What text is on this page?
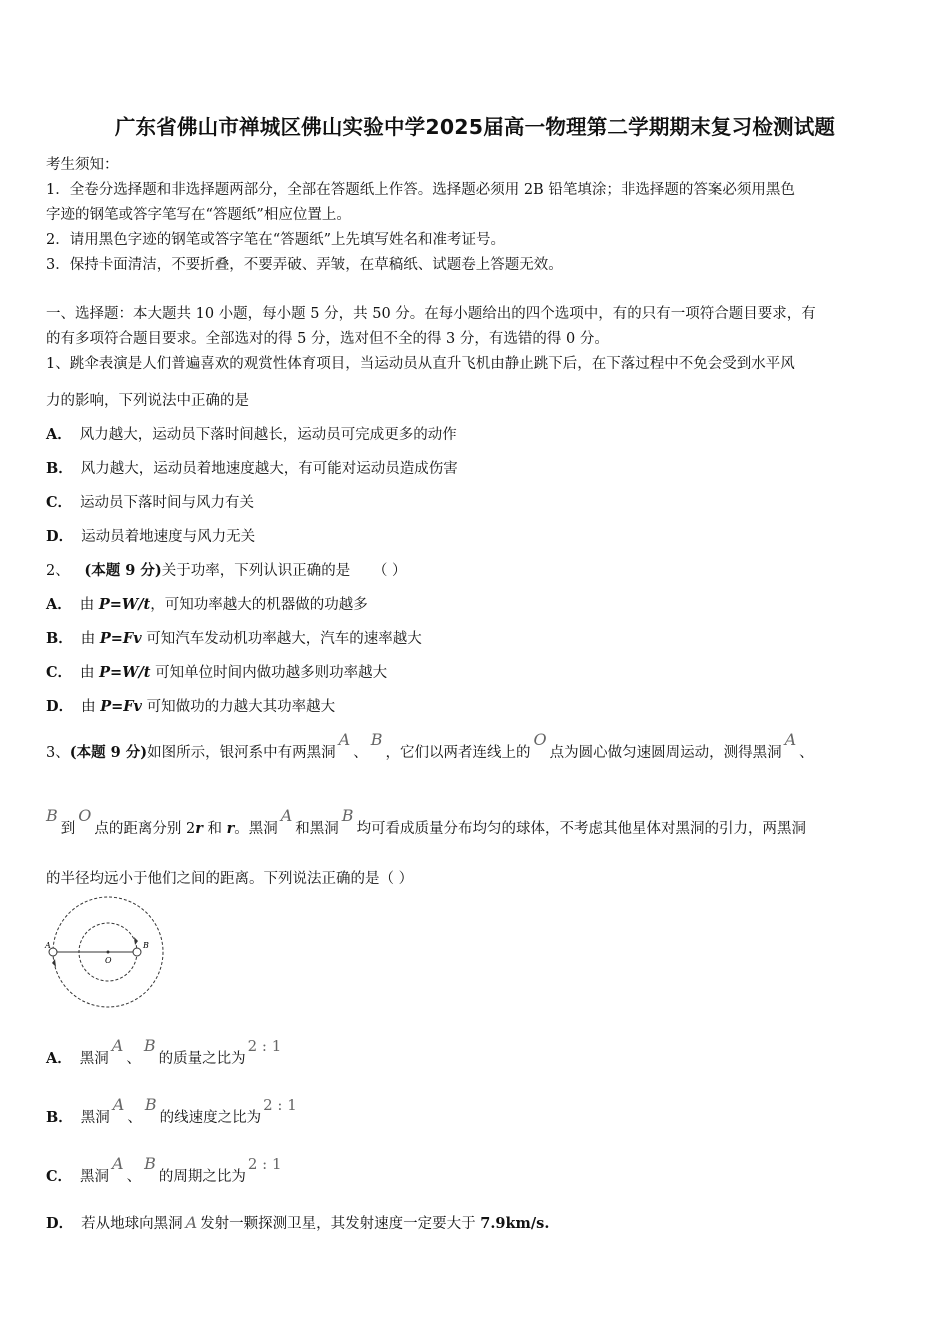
广东省佛山市禅城区佛山实验中学2025届高一物理第二学期期末复习检测试题
考生须知：
1．全卷分选择题和非选择题两部分，全部在答题纸上作答。选择题必须用 2B 铅笔填涂；非选择题的答案必须用黑色
字迹的钢笔或答字笔写在“答题纸”相应位置上。
2．请用黑色字迹的钢笔或答字笔在“答题纸”上先填写姓名和准考证号。
3．保持卡面清洁，不要折叠，不要弄破、弄皱，在草稿纸、试题卷上答题无效。
一、选择题：本大题共 10 小题，每小题 5 分，共 50 分。在每小题给出的四个选项中，有的只有一项符合题目要求，有
的有多项符合题目要求。全部选对的得 5 分，选对但不全的得 3 分，有选错的得 0 分。
1、跳伞表演是人们普遍喜欢的观赏性体育项目，当运动员从直升飞机由静止跳下后，在下落过程中不免会受到水平风
力的影响，下列说法中正确的是
A． 风力越大，运动员下落时间越长，运动员可完成更多的动作
B． 风力越大，运动员着地速度越大，有可能对运动员造成伤害
C． 运动员下落时间与风力有关
D． 运动员着地速度与风力无关
2、 (本题 9 分)关于功率，下列认识正确的是 （ ）
A． 由 P=W/t，可知功率越大的机器做的功越多
B． 由 P=Fv 可知汽车发动机功率越大，汽车的速率越大
C． 由 P=W/t 可知单位时间内做功越多则功率越大
D． 由 P=Fv 可知做功的力越大其功率越大
3、(本题 9 分)如图所示，银河系中有两黑洞A、B，它们以两者连线上的O点为圆心做匀速圆周运动，测得黑洞A、
B到O点的距离分别 2r 和 r。黑洞A和黑洞B均可看成质量分布均匀的球体，不考虑其他星体对黑洞的引力，两黑洞
的半径均远小于他们之间的距离。下列说法正确的是（ ）
A	B
O
A． 黑洞A、B的质量之比为2 : 1
B． 黑洞A、B的线速度之比为2 : 1
C． 黑洞A、B的周期之比为2 : 1
D． 若从地球向黑洞 A 发射一颗探测卫星，其发射速度一定要大于 7.9km/s.
